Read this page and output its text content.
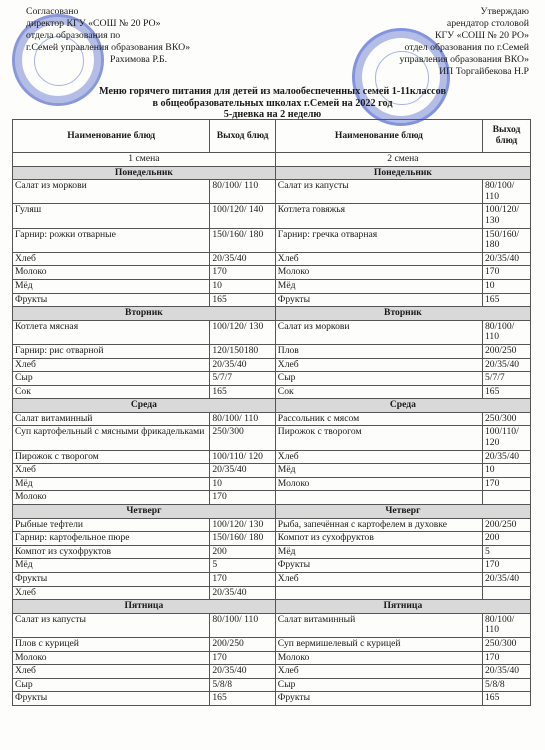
Согласовано
директор КГУ «СОШ № 20 РО»
отдела образования по
г.Семей управления образования ВКО»
Рахимова Р.Б.
Утверждаю
арендатор столовой
КГУ «СОШ № 20 РО»
отдел образования по г.Семей
управления образования ВКО»
ИП Торгайбекова Н.Р
Меню горячего питания для детей из малообеспеченных семей 1-11классов
в общеобразовательных школах г.Семей на 2022 год
5-дневка на 2 неделю
Наименование блюд	Выход блюд	Наименование блюд	Выход блюд
1 смена		2 смена	
Понедельник		Понедельник	
Салат из моркови	80/100/ 110	Салат из капусты	80/100/ 110
Гуляш	100/120/ 140	Котлета говяжья	100/120/ 130
Гарнир: рожки отварные	150/160/ 180	Гарнир: гречка отварная	150/160/ 180
Хлеб	20/35/40	Хлеб	20/35/40
Молоко	170	Молоко	170
Мёд	10	Мёд	10
Фрукты	165	Фрукты	165
Вторник		Вторник	
Котлета мясная	100/120/ 130	Салат из моркови	80/100/ 110
Гарнир: рис отварной	120/150180	Плов	200/250
Хлеб	20/35/40	Хлеб	20/35/40
Сыр	5/7/7	Сыр	5/7/7
Сок	165	Сок	165
Среда		Среда	
Салат витаминный	80/100/ 110	Рассольник с мясом	250/300
Суп картофельный с мясными фрикадельками	250/300	Пирожок с творогом	100/110/ 120
Пирожок с творогом	100/110/ 120	Хлеб	20/35/40
Хлеб	20/35/40	Мёд	10
Мёд	10	Молоко	170
Молоко	170		
Четверг		Четверг	
Рыбные тефтели	100/120/ 130	Рыба, запечённая с картофелем в духовке	200/250
Гарнир: картофельное пюре	150/160/ 180	Компот из сухофруктов	200
Компот из сухофруктов	200	Мёд	5
Мёд	5	Фрукты	170
Фрукты	170	Хлеб	20/35/40
Хлеб	20/35/40		
Пятница		Пятница	
Салат из капусты	80/100/ 110	Салат витаминный	80/100/ 110
Плов с курицей	200/250	Суп вермишелевый с курицей	250/300
Молоко	170	Молоко	170
Хлеб	20/35/40	Хлеб	20/35/40
Сыр	5/8/8	Сыр	5/8/8
Фрукты	165	Фрукты	165
